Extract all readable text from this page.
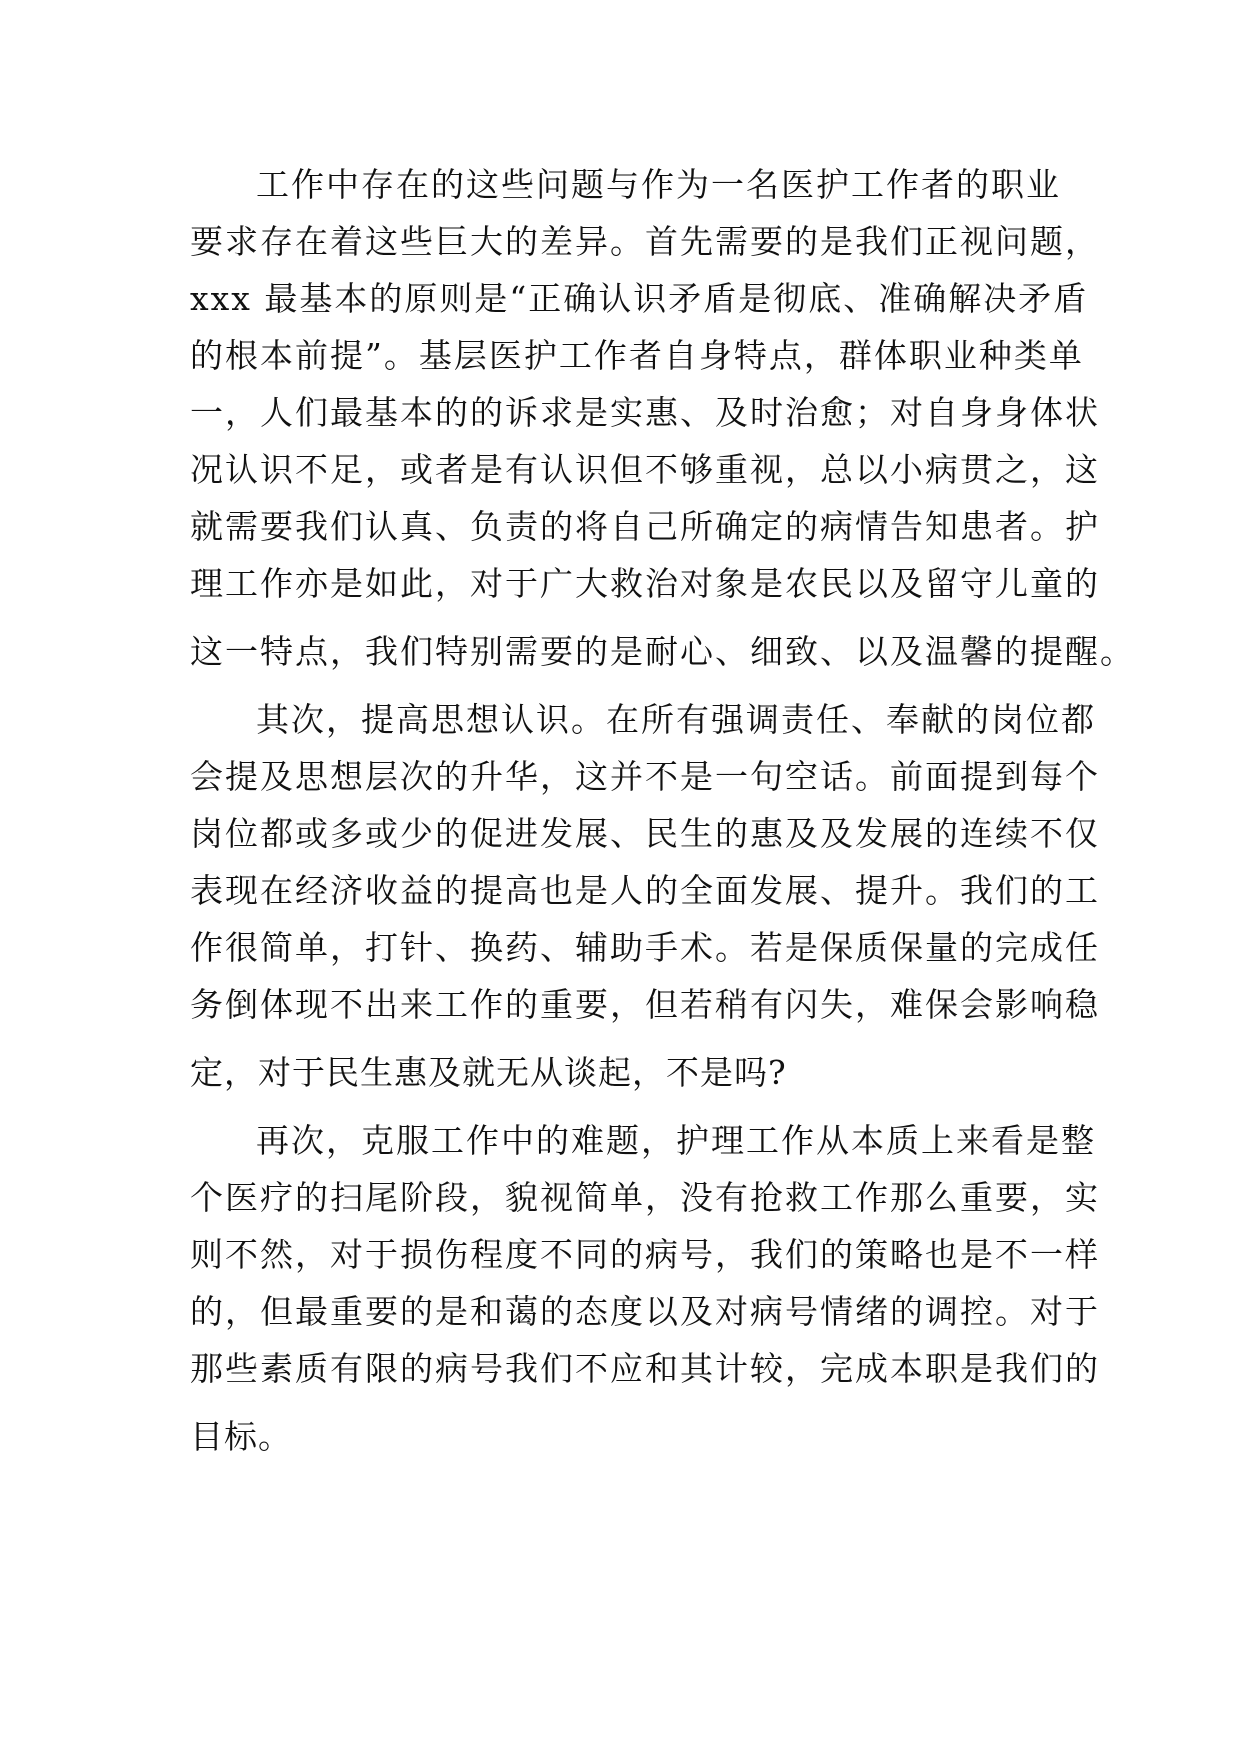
工作中存在的这些问题与作为一名医护工作者的职业
要求存在着这些巨大的差异。首先需要的是我们正视问题，
xxx 最基本的原则是“正确认识矛盾是彻底、准确解决矛盾
的根本前提”。基层医护工作者自身特点，群体职业种类单
一，人们最基本的的诉求是实惠、及时治愈；对自身身体状
况认识不足，或者是有认识但不够重视，总以小病贯之，这
就需要我们认真、负责的将自己所确定的病情告知患者。护
理工作亦是如此，对于广大救治对象是农民以及留守儿童的
这一特点，我们特别需要的是耐心、细致、以及温馨的提醒。
其次，提高思想认识。在所有强调责任、奉献的岗位都
会提及思想层次的升华，这并不是一句空话。前面提到每个
岗位都或多或少的促进发展、民生的惠及及发展的连续不仅
表现在经济收益的提高也是人的全面发展、提升。我们的工
作很简单，打针、换药、辅助手术。若是保质保量的完成任
务倒体现不出来工作的重要，但若稍有闪失，难保会影响稳
定，对于民生惠及就无从谈起，不是吗?
再次，克服工作中的难题，护理工作从本质上来看是整
个医疗的扫尾阶段，貌视简单，没有抢救工作那么重要，实
则不然，对于损伤程度不同的病号，我们的策略也是不一样
的，但最重要的是和蔼的态度以及对病号情绪的调控。对于
那些素质有限的病号我们不应和其计较，完成本职是我们的
目标。
